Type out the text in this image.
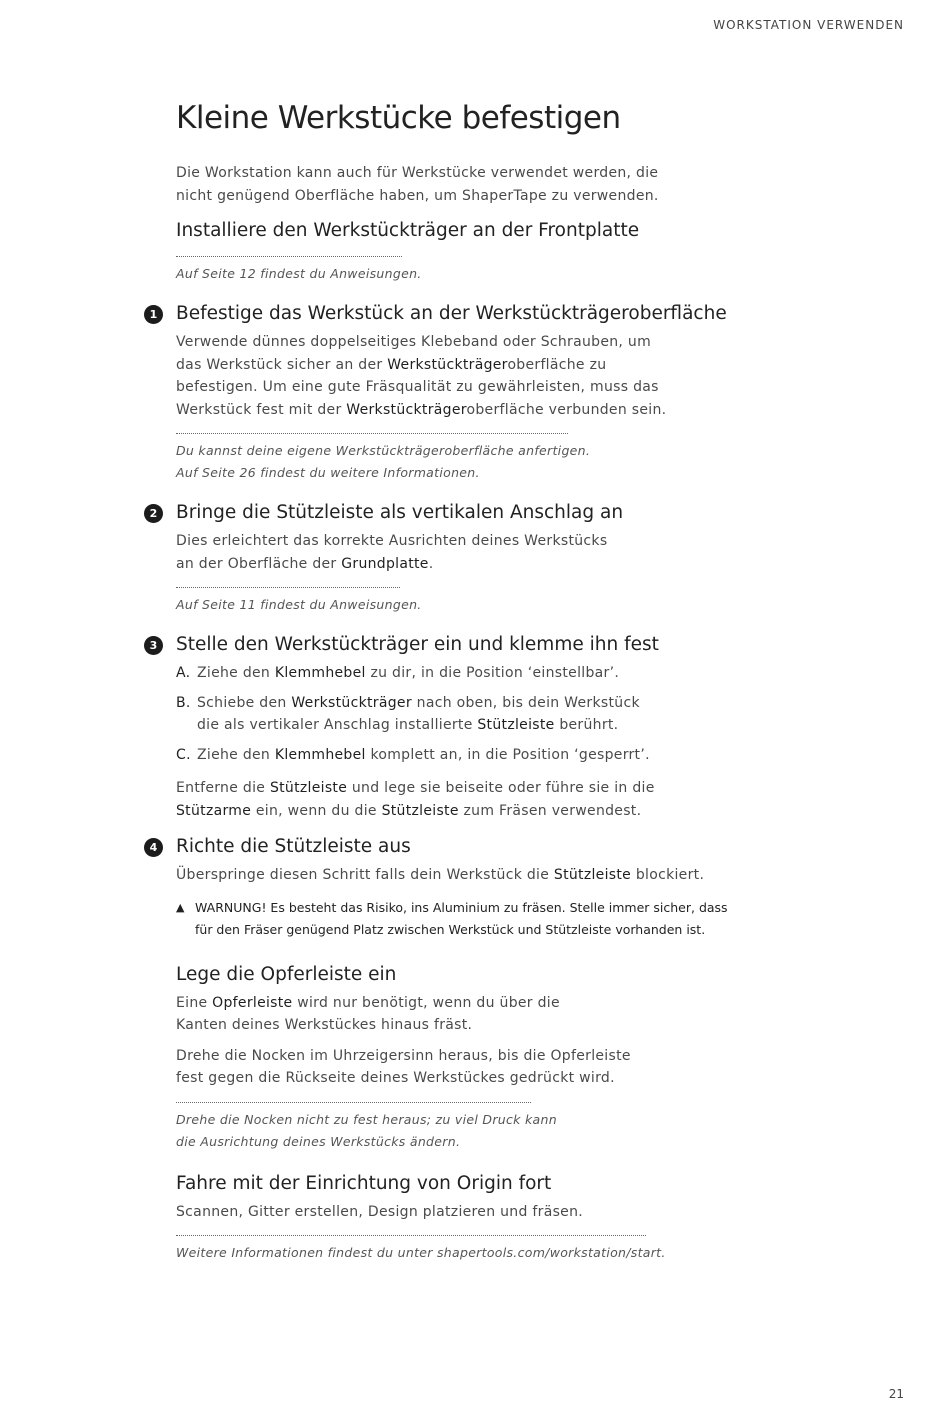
WORKSTATION VERWENDEN
Kleine Werkstücke befestigen

Die Workstation kann auch für Werkstücke verwendet werden, die nicht genügend Oberfläche haben, um ShaperTape zu verwenden.

Installiere den Werkstückträger an der Frontplatte
Auf Seite 12 findest du Anweisungen.
1	Befestige das Werkstück an der Werkstückträgeroberfläche

Verwende dünnes doppelseitiges Klebeband oder Schrauben, um das Werkstück sicher an der Werkstückträgeroberfläche zu befestigen. Um eine gute Fräsqualität zu gewährleisten, muss das Werkstück fest mit der Werkstückträgeroberfläche verbunden sein.

Du kannst deine eigene Werkstückträgeroberfläche anfertigen.
Auf Seite 26 findest du weitere Informationen.
2	Bringe die Stützleiste als vertikalen Anschlag an

Dies erleichtert das korrekte Ausrichten deines Werkstücks an der Oberfläche der Grundplatte.

Auf Seite 11 findest du Anweisungen.
3	Stelle den Werkstückträger ein und klemme ihn fest
A. Ziehe den Klemmhebel zu dir, in die Position ‘einstellbar’.
B. Schiebe den Werkstückträger nach oben, bis dein Werkstück die als vertikaler Anschlag installierte Stützleiste berührt.
C. Ziehe den Klemmhebel komplett an, in die Position ‘gesperrt’.

Entferne die Stützleiste und lege sie beiseite oder führe sie in die Stützarme ein, wenn du die Stützleiste zum Fräsen verwendest.

4	Richte die Stützleiste aus

Überspringe diesen Schritt falls dein Werkstück die Stützleiste blockiert.

▲ WARNUNG! Es besteht das Risiko, ins Aluminium zu fräsen. Stelle immer sicher, dass für den Fräser genügend Platz zwischen Werkstück und Stützleiste vorhanden ist.
Lege die Opferleiste ein

Eine Opferleiste wird nur benötigt, wenn du über die Kanten deines Werkstückes hinaus fräst.

Drehe die Nocken im Uhrzeigersinn heraus, bis die Opferleiste fest gegen die Rückseite deines Werkstückes gedrückt wird.

Drehe die Nocken nicht zu fest heraus; zu viel Druck kann
die Ausrichtung deines Werkstücks ändern.
Fahre mit der Einrichtung von Origin fort

Scannen, Gitter erstellen, Design platzieren und fräsen.

Weitere Informationen findest du unter shapertools.com/workstation/start.
21
